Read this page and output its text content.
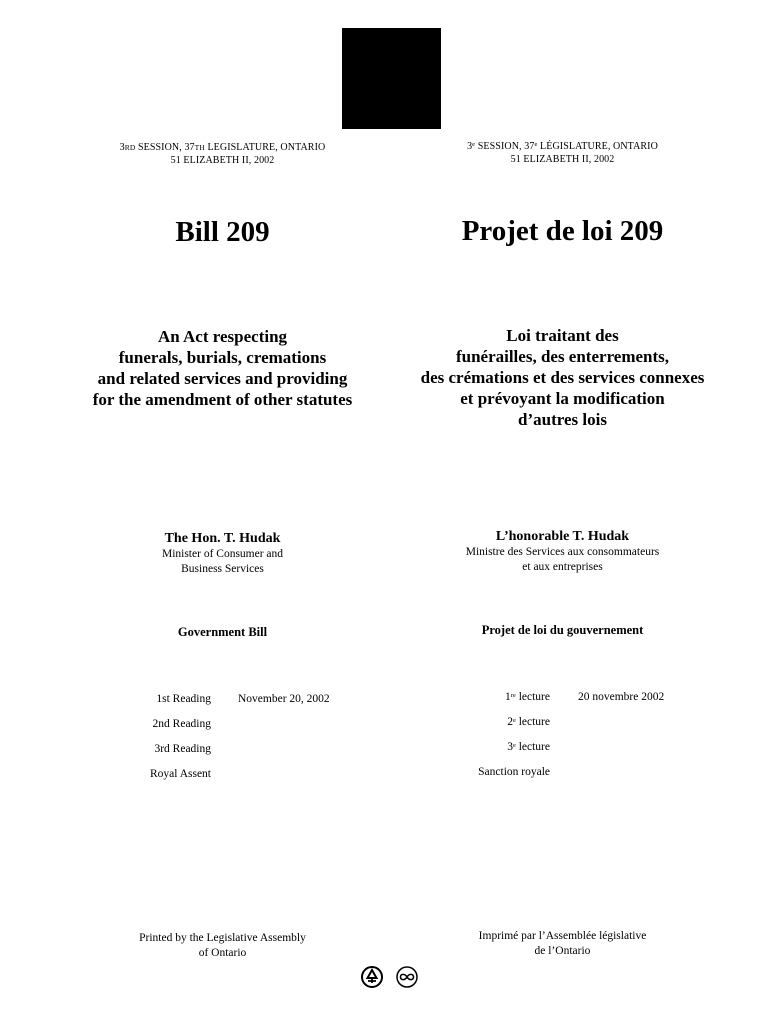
3RD SESSION, 37TH LEGISLATURE, ONTARIO
51 ELIZABETH II, 2002
3e SESSION, 37e LÉGISLATURE, ONTARIO
51 ELIZABETH II, 2002
Bill 209	Projet de loi 209
An Act respecting
funerals, burials, cremations
and related services and providing
for the amendment of other statutes
Loi traitant des
funérailles, des enterrements,
des crémations et des services connexes
et prévoyant la modification
d’autres lois
The Hon. T. Hudak
Minister of Consumer and
Business Services
L’honorable T. Hudak
Ministre des Services aux consommateurs
et aux entreprises
Government Bill	Projet de loi du gouvernement
1st Reading November 20, 2002
2nd Reading
3rd Reading
Royal Assent
1re lecture 20 novembre 2002
2e lecture
3e lecture
Sanction royale
Printed by the Legislative Assembly
of Ontario
Imprimé par l’Assemblée législative
de l’Ontario
